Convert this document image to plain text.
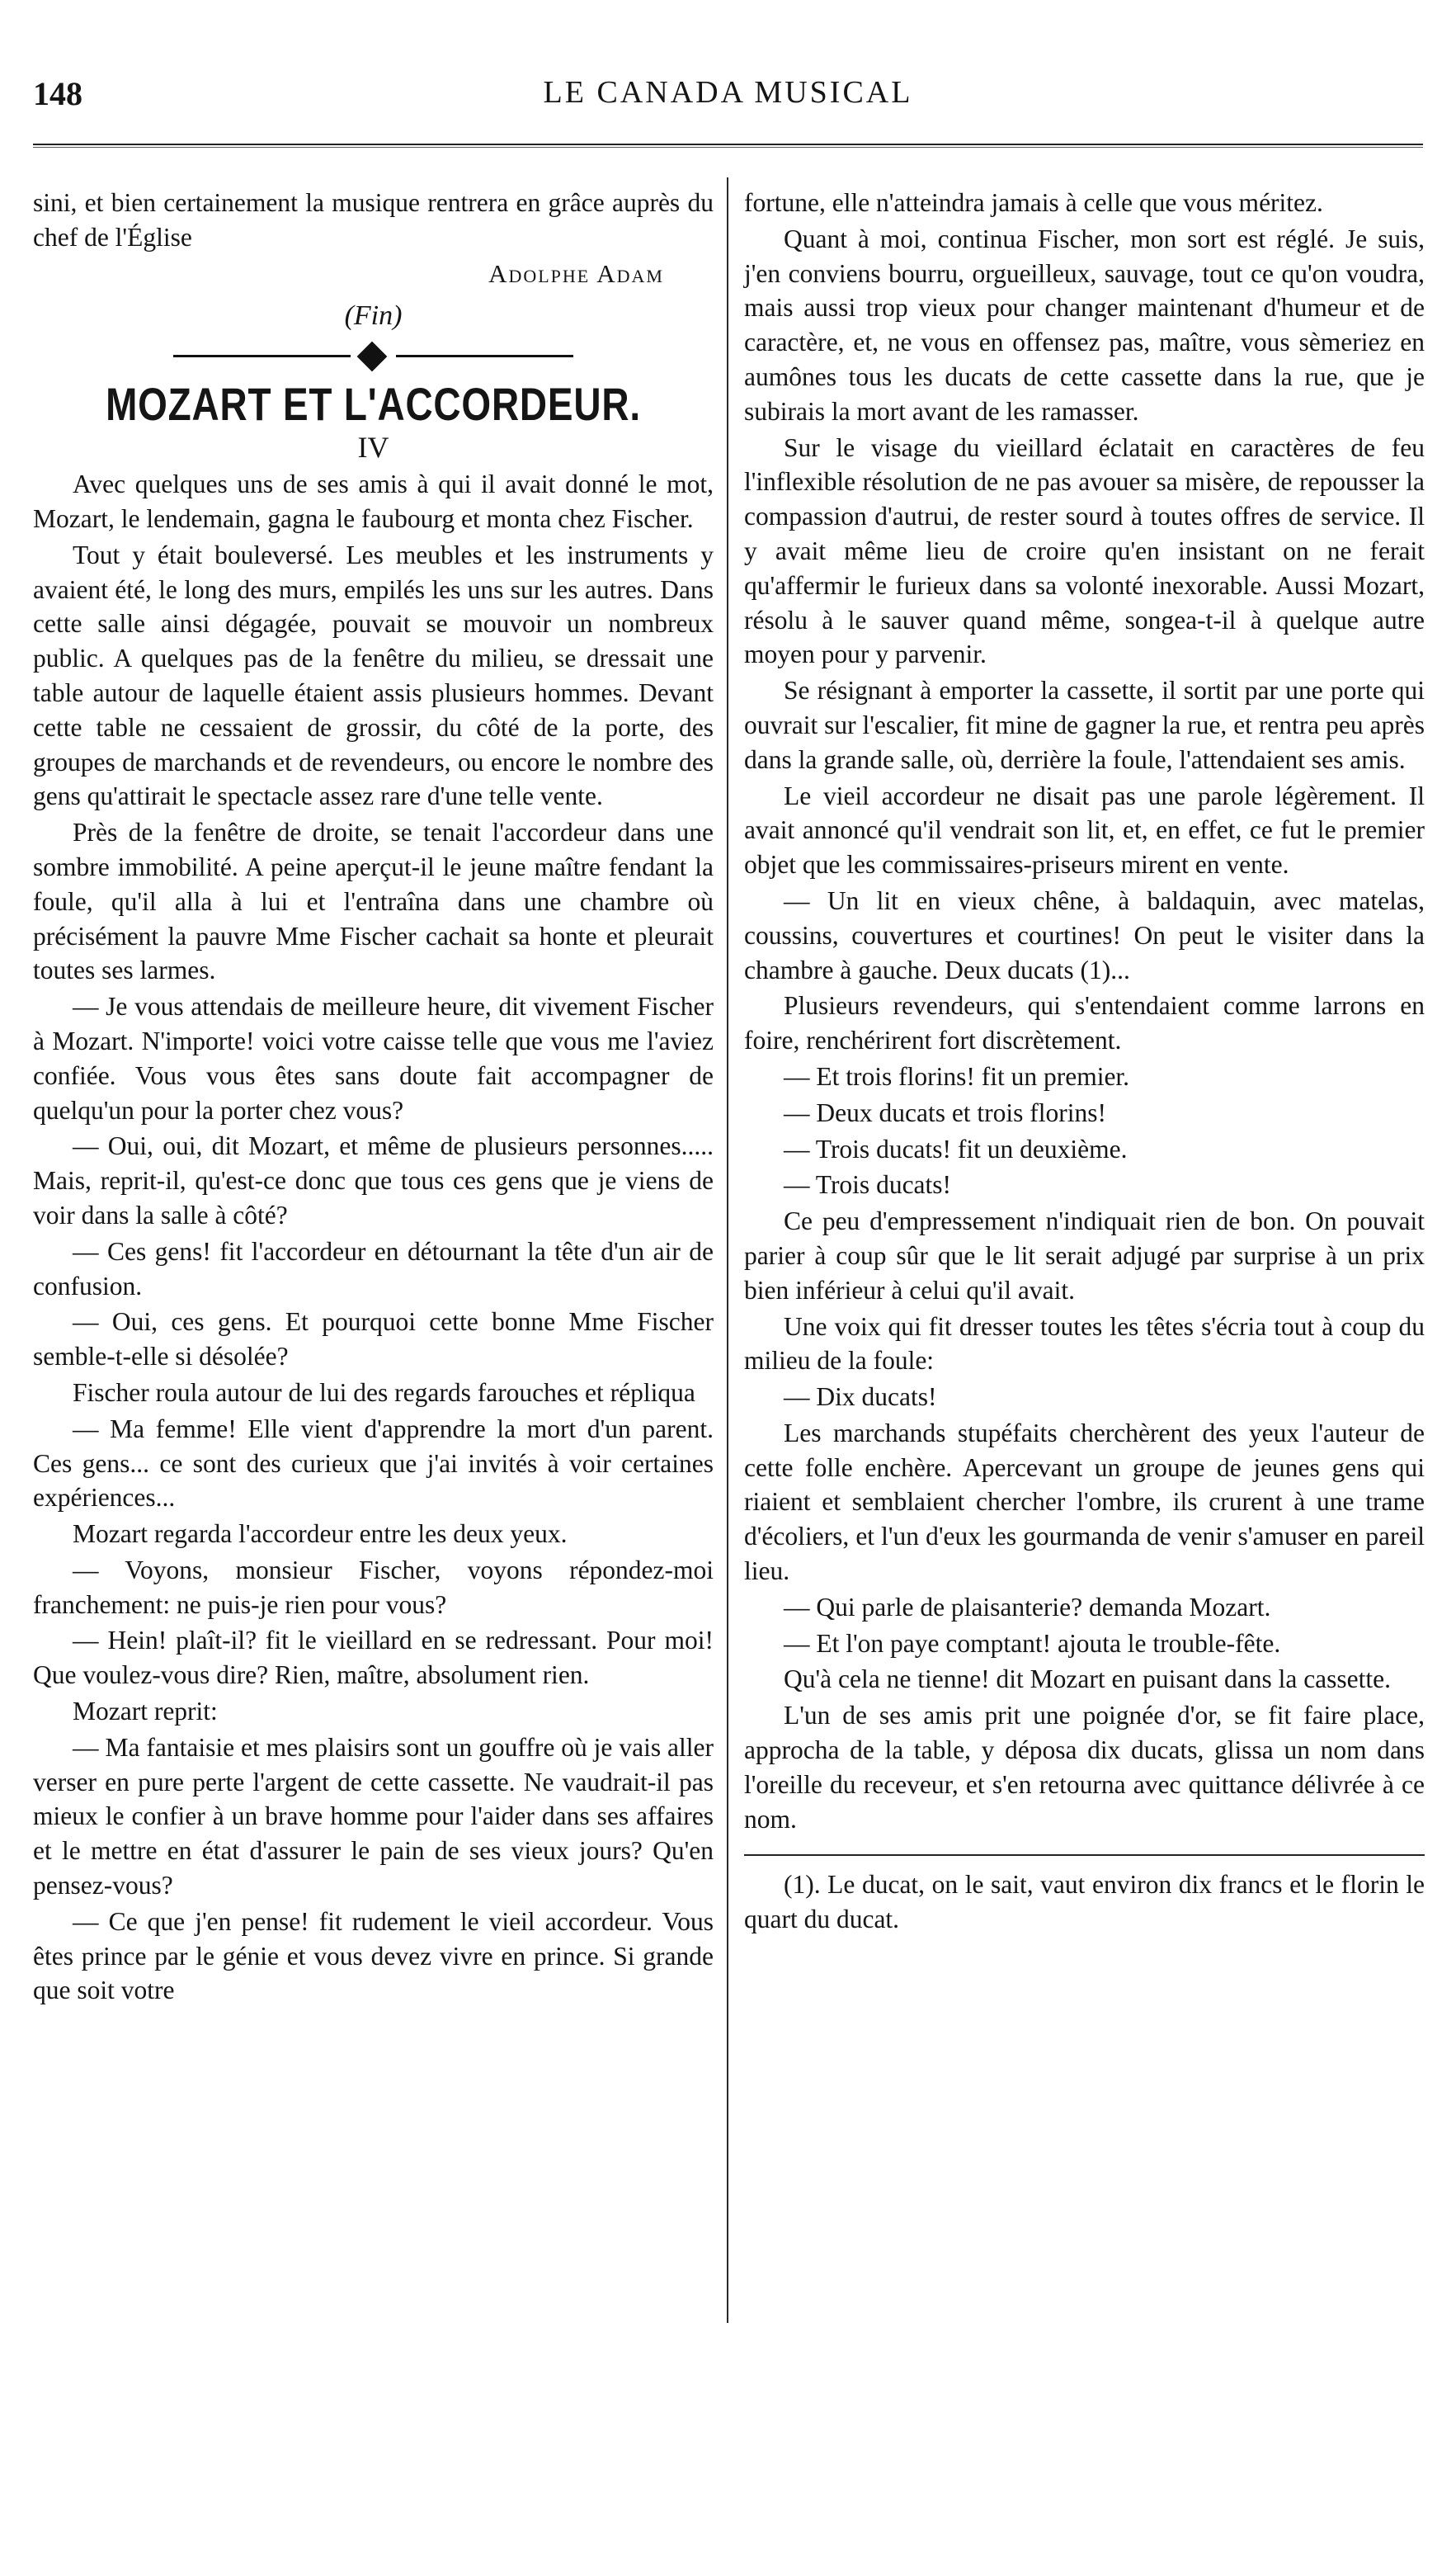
148	LE CANADA MUSICAL

sini, et bien certainement la musique rentrera en grâce auprès du chef de l'Église

Adolphe Adam
(Fin)
MOZART ET L'ACCORDEUR.
IV

Avec quelques uns de ses amis à qui il avait donné le mot, Mozart, le lendemain, gagna le faubourg et monta chez Fischer.

Tout y était bouleversé. Les meubles et les instruments y avaient été, le long des murs, empilés les uns sur les autres. Dans cette salle ainsi dégagée, pouvait se mouvoir un nombreux public. A quelques pas de la fenêtre du milieu, se dressait une table autour de laquelle étaient assis plusieurs hommes. Devant cette table ne cessaient de grossir, du côté de la porte, des groupes de marchands et de revendeurs, ou encore le nombre des gens qu'attirait le spectacle assez rare d'une telle vente.

Près de la fenêtre de droite, se tenait l'accordeur dans une sombre immobilité. A peine aperçut-il le jeune maître fendant la foule, qu'il alla à lui et l'entraîna dans une chambre où précisément la pauvre Mme Fischer cachait sa honte et pleurait toutes ses larmes.

— Je vous attendais de meilleure heure, dit vivement Fischer à Mozart. N'importe! voici votre caisse telle que vous me l'aviez confiée. Vous vous êtes sans doute fait accompagner de quelqu'un pour la porter chez vous?

— Oui, oui, dit Mozart, et même de plusieurs personnes..... Mais, reprit-il, qu'est-ce donc que tous ces gens que je viens de voir dans la salle à côté?

— Ces gens! fit l'accordeur en détournant la tête d'un air de confusion.

— Oui, ces gens. Et pourquoi cette bonne Mme Fischer semble-t-elle si désolée?

Fischer roula autour de lui des regards farouches et répliqua

— Ma femme! Elle vient d'apprendre la mort d'un parent. Ces gens... ce sont des curieux que j'ai invités à voir certaines expériences...

Mozart regarda l'accordeur entre les deux yeux.

— Voyons, monsieur Fischer, voyons répondez-moi franchement: ne puis-je rien pour vous?

— Hein! plaît-il? fit le vieillard en se redressant. Pour moi! Que voulez-vous dire? Rien, maître, absolument rien.

Mozart reprit:

— Ma fantaisie et mes plaisirs sont un gouffre où je vais aller verser en pure perte l'argent de cette cassette. Ne vaudrait-il pas mieux le confier à un brave homme pour l'aider dans ses affaires et le mettre en état d'assurer le pain de ses vieux jours? Qu'en pensez-vous?

— Ce que j'en pense! fit rudement le vieil accordeur. Vous êtes prince par le génie et vous devez vivre en prince. Si grande que soit votre

fortune, elle n'atteindra jamais à celle que vous méritez.

Quant à moi, continua Fischer, mon sort est réglé. Je suis, j'en conviens bourru, orgueilleux, sauvage, tout ce qu'on voudra, mais aussi trop vieux pour changer maintenant d'humeur et de caractère, et, ne vous en offensez pas, maître, vous sèmeriez en aumônes tous les ducats de cette cassette dans la rue, que je subirais la mort avant de les ramasser.

Sur le visage du vieillard éclatait en caractères de feu l'inflexible résolution de ne pas avouer sa misère, de repousser la compassion d'autrui, de rester sourd à toutes offres de service. Il y avait même lieu de croire qu'en insistant on ne ferait qu'affermir le furieux dans sa volonté inexorable. Aussi Mozart, résolu à le sauver quand même, songea-t-il à quelque autre moyen pour y parvenir.

Se résignant à emporter la cassette, il sortit par une porte qui ouvrait sur l'escalier, fit mine de gagner la rue, et rentra peu après dans la grande salle, où, derrière la foule, l'attendaient ses amis.

Le vieil accordeur ne disait pas une parole légèrement. Il avait annoncé qu'il vendrait son lit, et, en effet, ce fut le premier objet que les commissaires-priseurs mirent en vente.

— Un lit en vieux chêne, à baldaquin, avec matelas, coussins, couvertures et courtines! On peut le visiter dans la chambre à gauche. Deux ducats (1)...

Plusieurs revendeurs, qui s'entendaient comme larrons en foire, renchérirent fort discrètement.

— Et trois florins! fit un premier.

— Deux ducats et trois florins!

— Trois ducats! fit un deuxième.

— Trois ducats!

Ce peu d'empressement n'indiquait rien de bon. On pouvait parier à coup sûr que le lit serait adjugé par surprise à un prix bien inférieur à celui qu'il avait.

Une voix qui fit dresser toutes les têtes s'écria tout à coup du milieu de la foule:

— Dix ducats!

Les marchands stupéfaits cherchèrent des yeux l'auteur de cette folle enchère. Apercevant un groupe de jeunes gens qui riaient et semblaient chercher l'ombre, ils crurent à une trame d'écoliers, et l'un d'eux les gourmanda de venir s'amuser en pareil lieu.

— Qui parle de plaisanterie? demanda Mozart.

— Et l'on paye comptant! ajouta le trouble-fête.

Qu'à cela ne tienne! dit Mozart en puisant dans la cassette.

L'un de ses amis prit une poignée d'or, se fit faire place, approcha de la table, y déposa dix ducats, glissa un nom dans l'oreille du receveur, et s'en retourna avec quittance délivrée à ce nom.

(1). Le ducat, on le sait, vaut environ dix francs et le florin le quart du ducat.
